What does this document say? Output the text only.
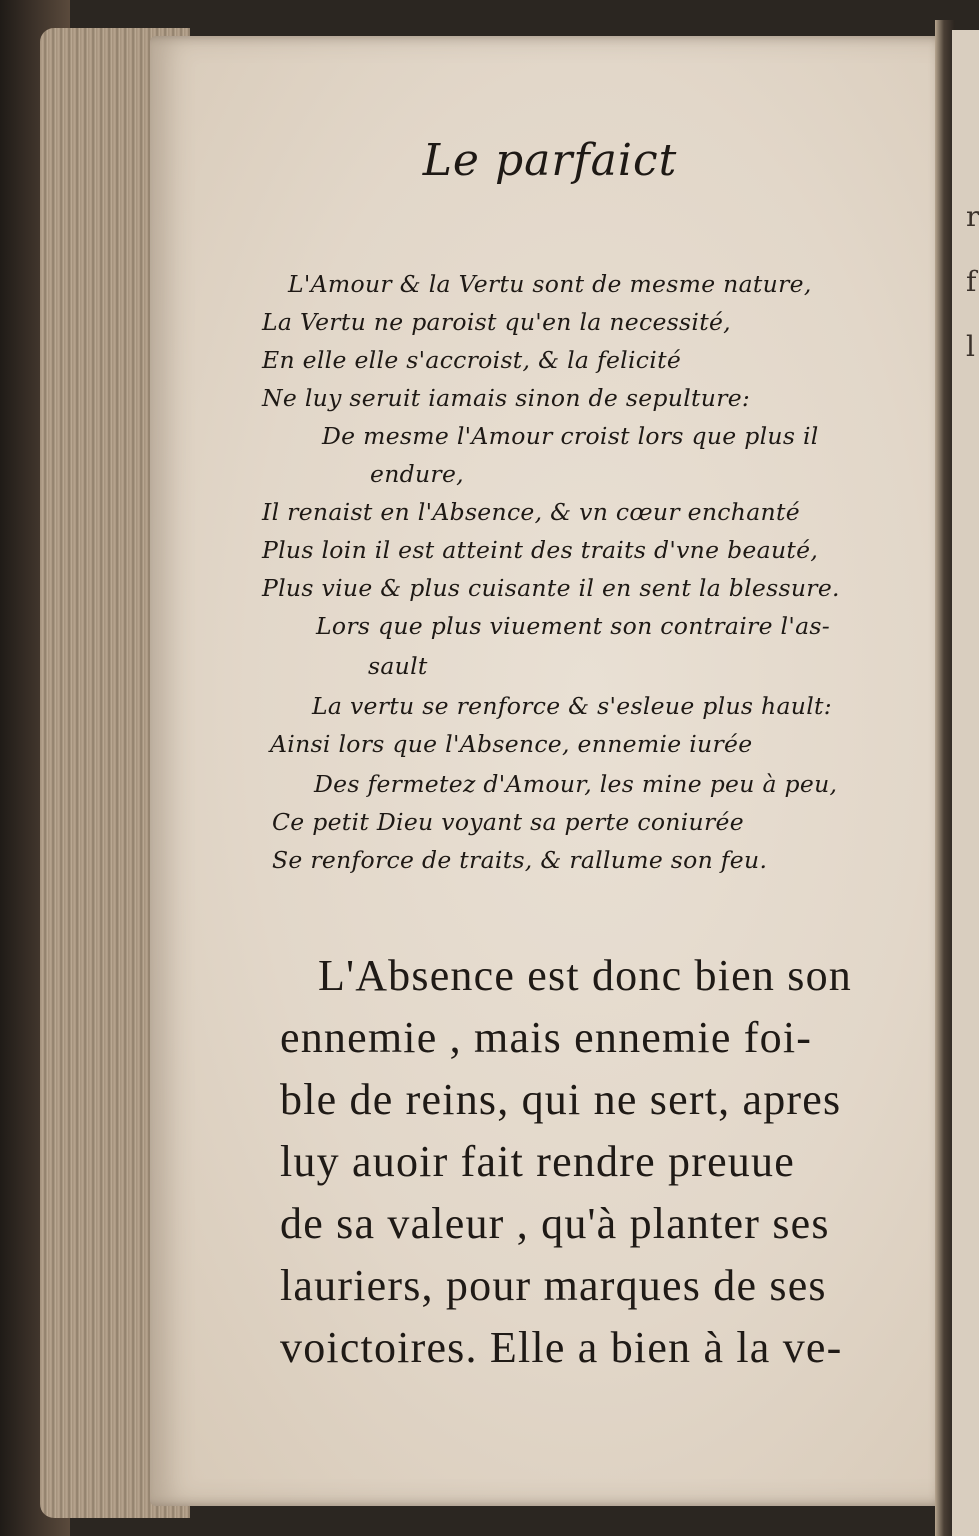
r
f
l
Le parfaict
L'Amour & la Vertu sont de mesme nature,
La Vertu ne paroist qu'en la necessité,
En elle elle s'accroist, & la felicité
Ne luy seruit iamais sinon de sepulture:
De mesme l'Amour croist lors que plus il
endure,
Il renaist en l'Absence, & vn cœur enchanté
Plus loin il est atteint des traits d'vne beauté,
Plus viue & plus cuisante il en sent la blessure.
Lors que plus viuement son contraire l'as-
sault
La vertu se renforce & s'esleue plus hault:
Ainsi lors que l'Absence, ennemie iurée
Des fermetez d'Amour, les mine peu à peu,
Ce petit Dieu voyant sa perte coniurée
Se renforce de traits, & rallume son feu.
L'Absence est donc bien son
ennemie , mais ennemie foi-
ble de reins, qui ne sert, apres
luy auoir fait rendre preuue
de sa valeur , qu'à planter ses
lauriers, pour marques de ses
voictoires. Elle a bien à la ve-
